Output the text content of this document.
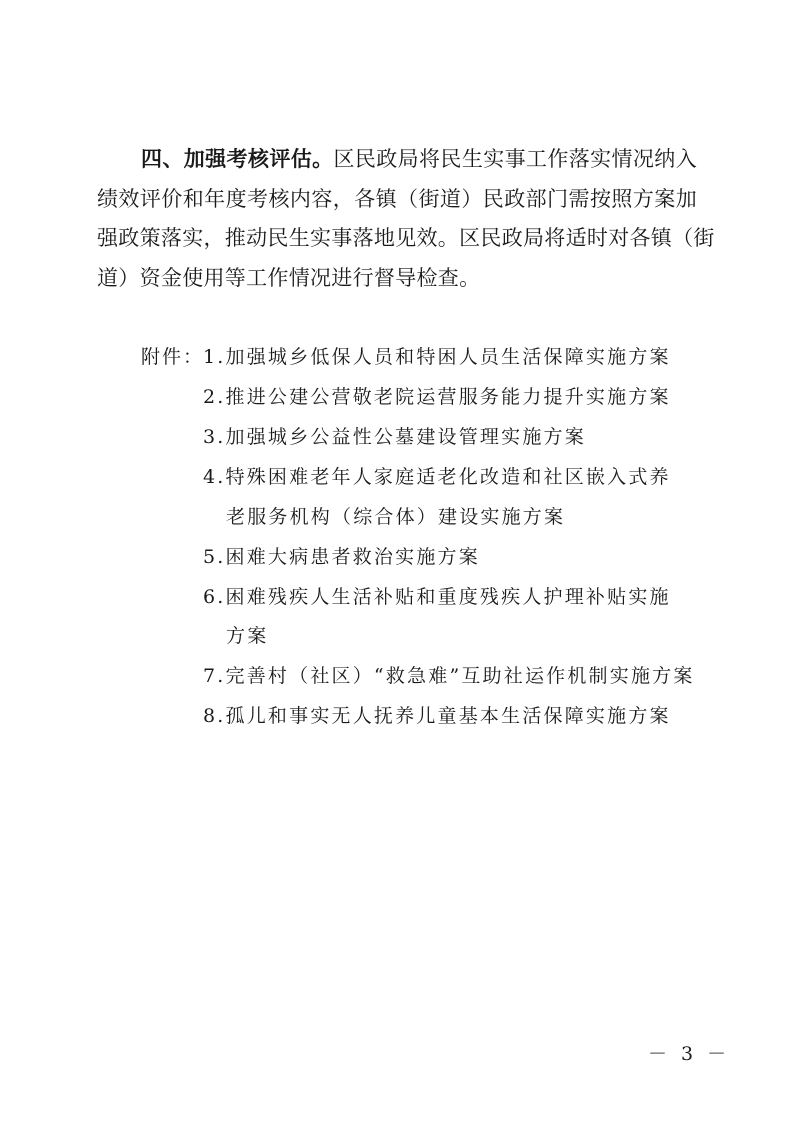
四、加强考核评估。区民政局将民生实事工作落实情况纳入
绩效评价和年度考核内容，各镇（街道）民政部门需按照方案加
强政策落实，推动民生实事落地见效。区民政局将适时对各镇（街
道）资金使用等工作情况进行督导检查。
附件：
1.加强城乡低保人员和特困人员生活保障实施方案
2.推进公建公营敬老院运营服务能力提升实施方案
3.加强城乡公益性公墓建设管理实施方案
4.特殊困难老年人家庭适老化改造和社区嵌入式养
老服务机构（综合体）建设实施方案
5.困难大病患者救治实施方案
6.困难残疾人生活补贴和重度残疾人护理补贴实施
方案
7.完善村（社区）“救急难”互助社运作机制实施方案
8.孤儿和事实无人抚养儿童基本生活保障实施方案
－ 3 －
